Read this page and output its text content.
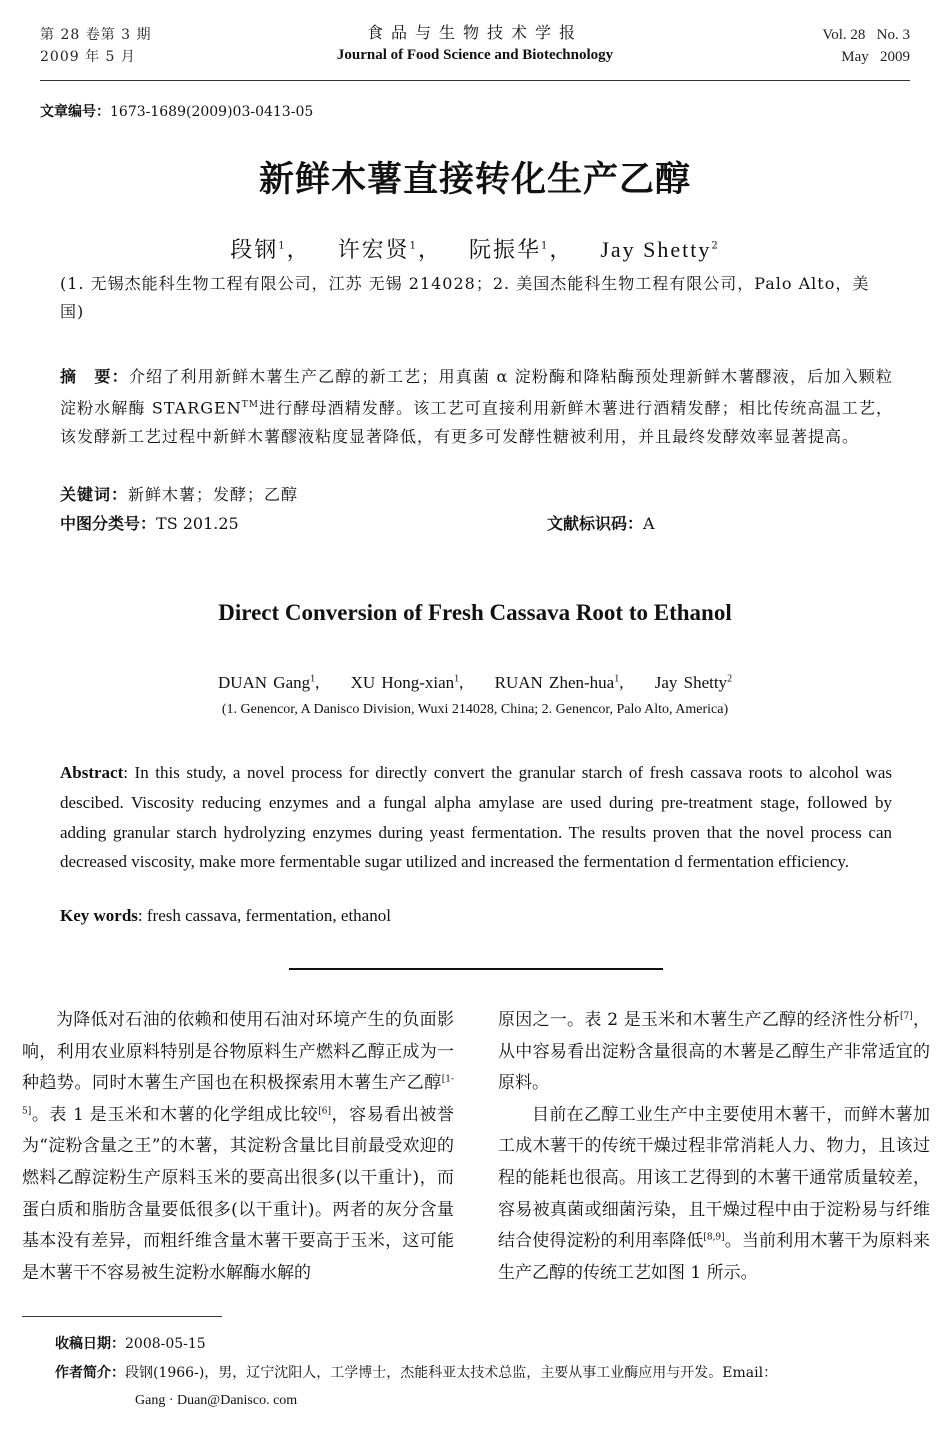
第 28 卷第 3 期
2009 年 5 月
食品与生物技术学报
Journal of Food Science and Biotechnology
Vol. 28   No. 3
May   2009
文章编号：1673-1689(2009)03-0413-05
新鲜木薯直接转化生产乙醇
段钢$^1$，   许宏贤$^1$，   阮振华$^1$，   Jay Shetty$^2$
(1. 无锡杰能科生物工程有限公司，江苏 无锡 214028；2. 美国杰能科生物工程有限公司，Palo Alto，美国)
摘　要：介绍了利用新鲜木薯生产乙醇的新工艺；用真菌 α 淀粉酶和降粘酶预处理新鲜木薯醪液，后加入颗粒淀粉水解酶 STARGEN™进行酵母酒精发酵。该工艺可直接利用新鲜木薯进行酒精发酵；相比传统高温工艺，该发酵新工艺过程中新鲜木薯醪液粘度显著降低，有更多可发酵性糖被利用，并且最终发酵效率显著提高。
关键词：新鲜木薯；发酵；乙醇
中图分类号：TS 201.25	文献标识码：A
Direct Conversion of Fresh Cassava Root to Ethanol
DUAN Gang$^1$,     XU Hong-xian$^1$,     RUAN Zhen-hua$^1$,     Jay Shetty$^2$
(1. Genencor, A Danisco Division, Wuxi 214028, China; 2. Genencor, Palo Alto, America)
Abstract: In this study, a novel process for directly convert the granular starch of fresh cassava roots to alcohol was descibed. Viscosity reducing enzymes and a fungal alpha amylase are used during pre-treatment stage, followed by adding granular starch hydrolyzing enzymes during yeast fermentation. The results proven that the novel process can decreased viscosity, make more fermentable sugar utilized and increased the fermentation d fermentation efficiency.
Key words: fresh cassava, fermentation, ethanol

为降低对石油的依赖和使用石油对环境产生的负面影响，利用农业原料特别是谷物原料生产燃料乙醇正成为一种趋势。同时木薯生产国也在积极探索用木薯生产乙醇[1-5]。表 1 是玉米和木薯的化学组成比较[6]，容易看出被誉为“淀粉含量之王”的木薯，其淀粉含量比目前最受欢迎的燃料乙醇淀粉生产原料玉米的要高出很多(以干重计)，而蛋白质和脂肪含量要低很多(以干重计)。两者的灰分含量基本没有差异，而粗纤维含量木薯干要高于玉米，这可能是木薯干不容易被生淀粉水解酶水解的

原因之一。表 2 是玉米和木薯生产乙醇的经济性分析[7]，从中容易看出淀粉含量很高的木薯是乙醇生产非常适宜的原料。

目前在乙醇工业生产中主要使用木薯干，而鲜木薯加工成木薯干的传统干燥过程非常消耗人力、物力，且该过程的能耗也很高。用该工艺得到的木薯干通常质量较差，容易被真菌或细菌污染，且干燥过程中由于淀粉易与纤维结合使得淀粉的利用率降低[8,9]。当前利用木薯干为原料来生产乙醇的传统工艺如图 1 所示。

收稿日期：2008-05-15
作者简介：段钢(1966-)，男，辽宁沈阳人，工学博士，杰能科亚太技术总监，主要从事工业酶应用与开发。Email：
Gang · Duan@Danisco. com
